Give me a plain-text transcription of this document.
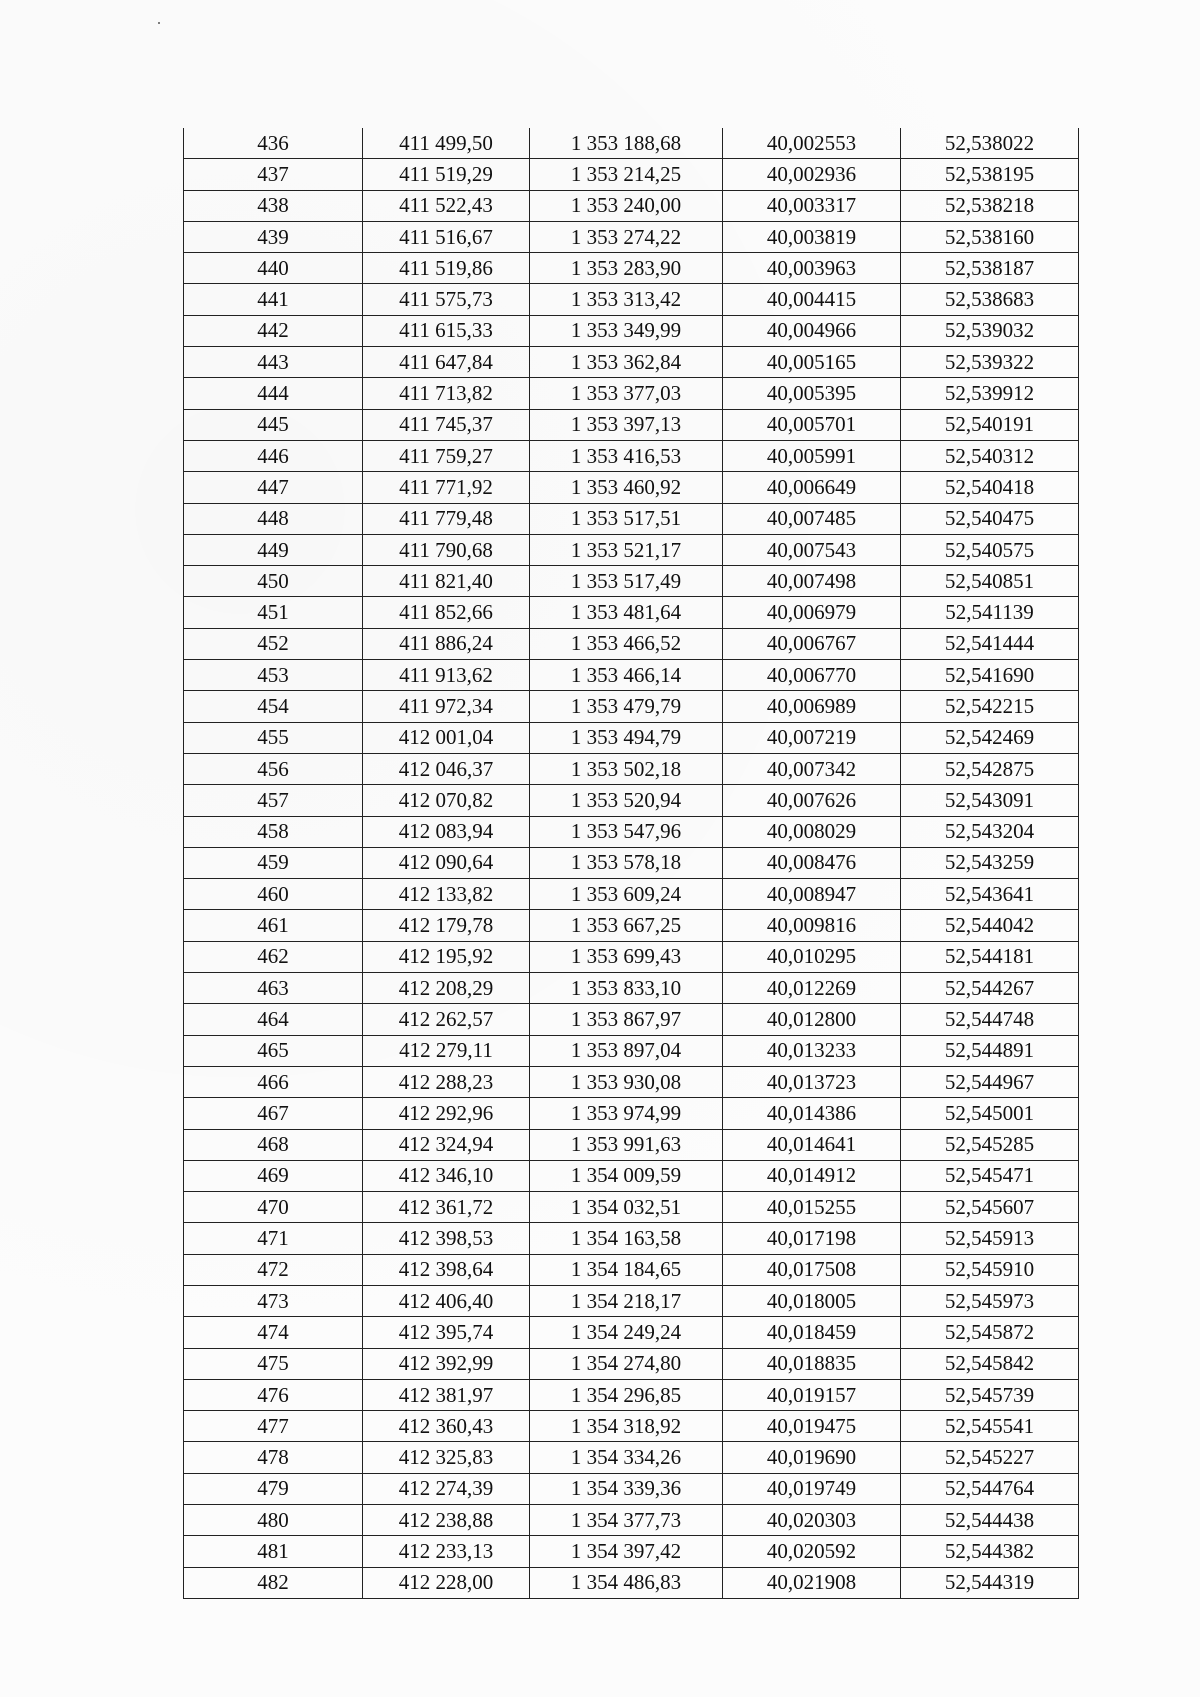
436	411 499,50	1 353 188,68	40,002553	52,538022
437	411 519,29	1 353 214,25	40,002936	52,538195
438	411 522,43	1 353 240,00	40,003317	52,538218
439	411 516,67	1 353 274,22	40,003819	52,538160
440	411 519,86	1 353 283,90	40,003963	52,538187
441	411 575,73	1 353 313,42	40,004415	52,538683
442	411 615,33	1 353 349,99	40,004966	52,539032
443	411 647,84	1 353 362,84	40,005165	52,539322
444	411 713,82	1 353 377,03	40,005395	52,539912
445	411 745,37	1 353 397,13	40,005701	52,540191
446	411 759,27	1 353 416,53	40,005991	52,540312
447	411 771,92	1 353 460,92	40,006649	52,540418
448	411 779,48	1 353 517,51	40,007485	52,540475
449	411 790,68	1 353 521,17	40,007543	52,540575
450	411 821,40	1 353 517,49	40,007498	52,540851
451	411 852,66	1 353 481,64	40,006979	52,541139
452	411 886,24	1 353 466,52	40,006767	52,541444
453	411 913,62	1 353 466,14	40,006770	52,541690
454	411 972,34	1 353 479,79	40,006989	52,542215
455	412 001,04	1 353 494,79	40,007219	52,542469
456	412 046,37	1 353 502,18	40,007342	52,542875
457	412 070,82	1 353 520,94	40,007626	52,543091
458	412 083,94	1 353 547,96	40,008029	52,543204
459	412 090,64	1 353 578,18	40,008476	52,543259
460	412 133,82	1 353 609,24	40,008947	52,543641
461	412 179,78	1 353 667,25	40,009816	52,544042
462	412 195,92	1 353 699,43	40,010295	52,544181
463	412 208,29	1 353 833,10	40,012269	52,544267
464	412 262,57	1 353 867,97	40,012800	52,544748
465	412 279,11	1 353 897,04	40,013233	52,544891
466	412 288,23	1 353 930,08	40,013723	52,544967
467	412 292,96	1 353 974,99	40,014386	52,545001
468	412 324,94	1 353 991,63	40,014641	52,545285
469	412 346,10	1 354 009,59	40,014912	52,545471
470	412 361,72	1 354 032,51	40,015255	52,545607
471	412 398,53	1 354 163,58	40,017198	52,545913
472	412 398,64	1 354 184,65	40,017508	52,545910
473	412 406,40	1 354 218,17	40,018005	52,545973
474	412 395,74	1 354 249,24	40,018459	52,545872
475	412 392,99	1 354 274,80	40,018835	52,545842
476	412 381,97	1 354 296,85	40,019157	52,545739
477	412 360,43	1 354 318,92	40,019475	52,545541
478	412 325,83	1 354 334,26	40,019690	52,545227
479	412 274,39	1 354 339,36	40,019749	52,544764
480	412 238,88	1 354 377,73	40,020303	52,544438
481	412 233,13	1 354 397,42	40,020592	52,544382
482	412 228,00	1 354 486,83	40,021908	52,544319
